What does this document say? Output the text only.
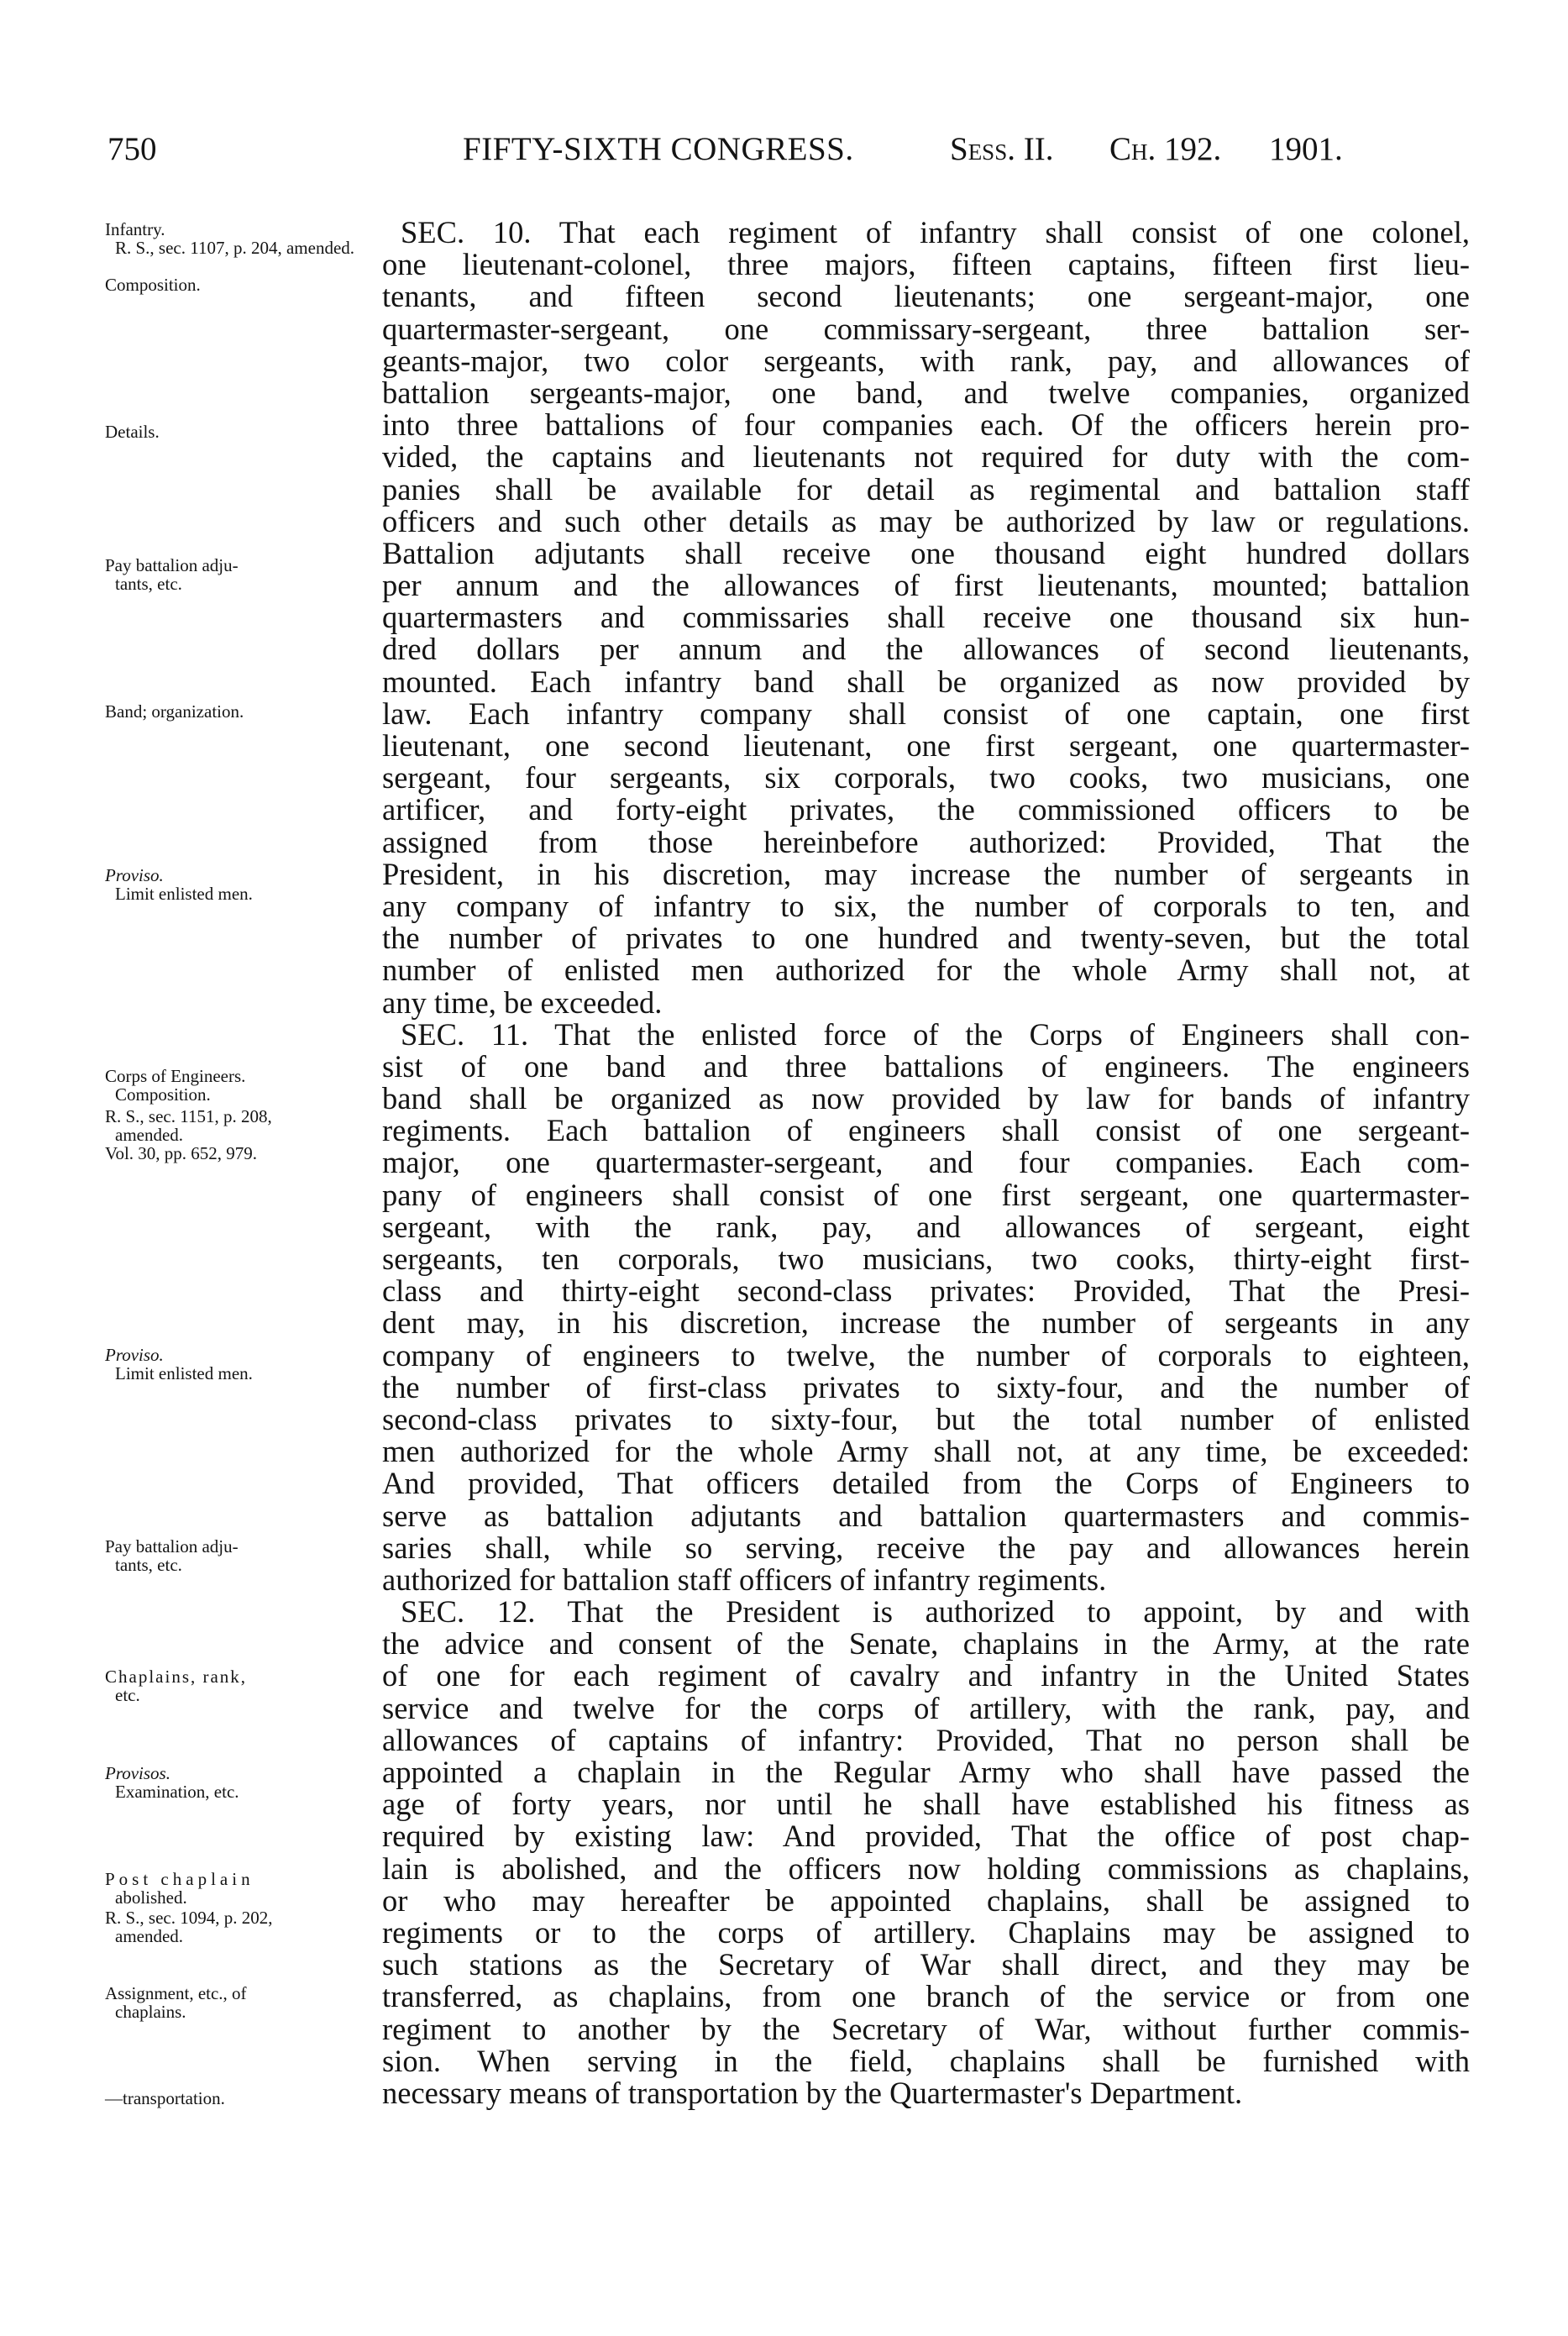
750	FIFTY-SIXTH CONGRESS.	Sess. II. Ch. 192. 1901.
Infantry.
R. S., sec. 1107, p. 204, amended.
Composition.
Details.
Pay battalion adju-
tants, etc.
Band; organization.
Proviso.
Limit enlisted men.
Corps of Engineers.
Composition.
R. S., sec. 1151, p. 208,
amended.
Vol. 30, pp. 652, 979.
Proviso.
Limit enlisted men.
Pay battalion adju-
tants, etc.
Chaplains, rank,
etc.
Provisos.
Examination, etc.
Post chaplain
abolished.
R. S., sec. 1094, p. 202,
amended.
Assignment, etc., of
chaplains.
—transportation.
SEC. 10. That each regiment of infantry shall consist of one colonel,
one lieutenant-colonel, three majors, fifteen captains, fifteen first lieu-
tenants, and fifteen second lieutenants; one sergeant-major, one
quartermaster-sergeant, one commissary-sergeant, three battalion ser-
geants-major, two color sergeants, with rank, pay, and allowances of
battalion sergeants-major, one band, and twelve companies, organized
into three battalions of four companies each. Of the officers herein pro-
vided, the captains and lieutenants not required for duty with the com-
panies shall be available for detail as regimental and battalion staff
officers and such other details as may be authorized by law or regulations.
Battalion adjutants shall receive one thousand eight hundred dollars
per annum and the allowances of first lieutenants, mounted; battalion
quartermasters and commissaries shall receive one thousand six hun-
dred dollars per annum and the allowances of second lieutenants,
mounted. Each infantry band shall be organized as now provided by
law. Each infantry company shall consist of one captain, one first
lieutenant, one second lieutenant, one first sergeant, one quartermaster-
sergeant, four sergeants, six corporals, two cooks, two musicians, one
artificer, and forty-eight privates, the commissioned officers to be
assigned from those hereinbefore authorized: Provided, That the
President, in his discretion, may increase the number of sergeants in
any company of infantry to six, the number of corporals to ten, and
the number of privates to one hundred and twenty-seven, but the total
number of enlisted men authorized for the whole Army shall not, at
any time, be exceeded.
SEC. 11. That the enlisted force of the Corps of Engineers shall con-
sist of one band and three battalions of engineers. The engineers
band shall be organized as now provided by law for bands of infantry
regiments. Each battalion of engineers shall consist of one sergeant-
major, one quartermaster-sergeant, and four companies. Each com-
pany of engineers shall consist of one first sergeant, one quartermaster-
sergeant, with the rank, pay, and allowances of sergeant, eight
sergeants, ten corporals, two musicians, two cooks, thirty-eight first-
class and thirty-eight second-class privates: Provided, That the Presi-
dent may, in his discretion, increase the number of sergeants in any
company of engineers to twelve, the number of corporals to eighteen,
the number of first-class privates to sixty-four, and the number of
second-class privates to sixty-four, but the total number of enlisted
men authorized for the whole Army shall not, at any time, be exceeded:
And provided, That officers detailed from the Corps of Engineers to
serve as battalion adjutants and battalion quartermasters and commis-
saries shall, while so serving, receive the pay and allowances herein
authorized for battalion staff officers of infantry regiments.
SEC. 12. That the President is authorized to appoint, by and with
the advice and consent of the Senate, chaplains in the Army, at the rate
of one for each regiment of cavalry and infantry in the United States
service and twelve for the corps of artillery, with the rank, pay, and
allowances of captains of infantry: Provided, That no person shall be
appointed a chaplain in the Regular Army who shall have passed the
age of forty years, nor until he shall have established his fitness as
required by existing law: And provided, That the office of post chap-
lain is abolished, and the officers now holding commissions as chaplains,
or who may hereafter be appointed chaplains, shall be assigned to
regiments or to the corps of artillery. Chaplains may be assigned to
such stations as the Secretary of War shall direct, and they may be
transferred, as chaplains, from one branch of the service or from one
regiment to another by the Secretary of War, without further commis-
sion. When serving in the field, chaplains shall be furnished with
necessary means of transportation by the Quartermaster's Department.
